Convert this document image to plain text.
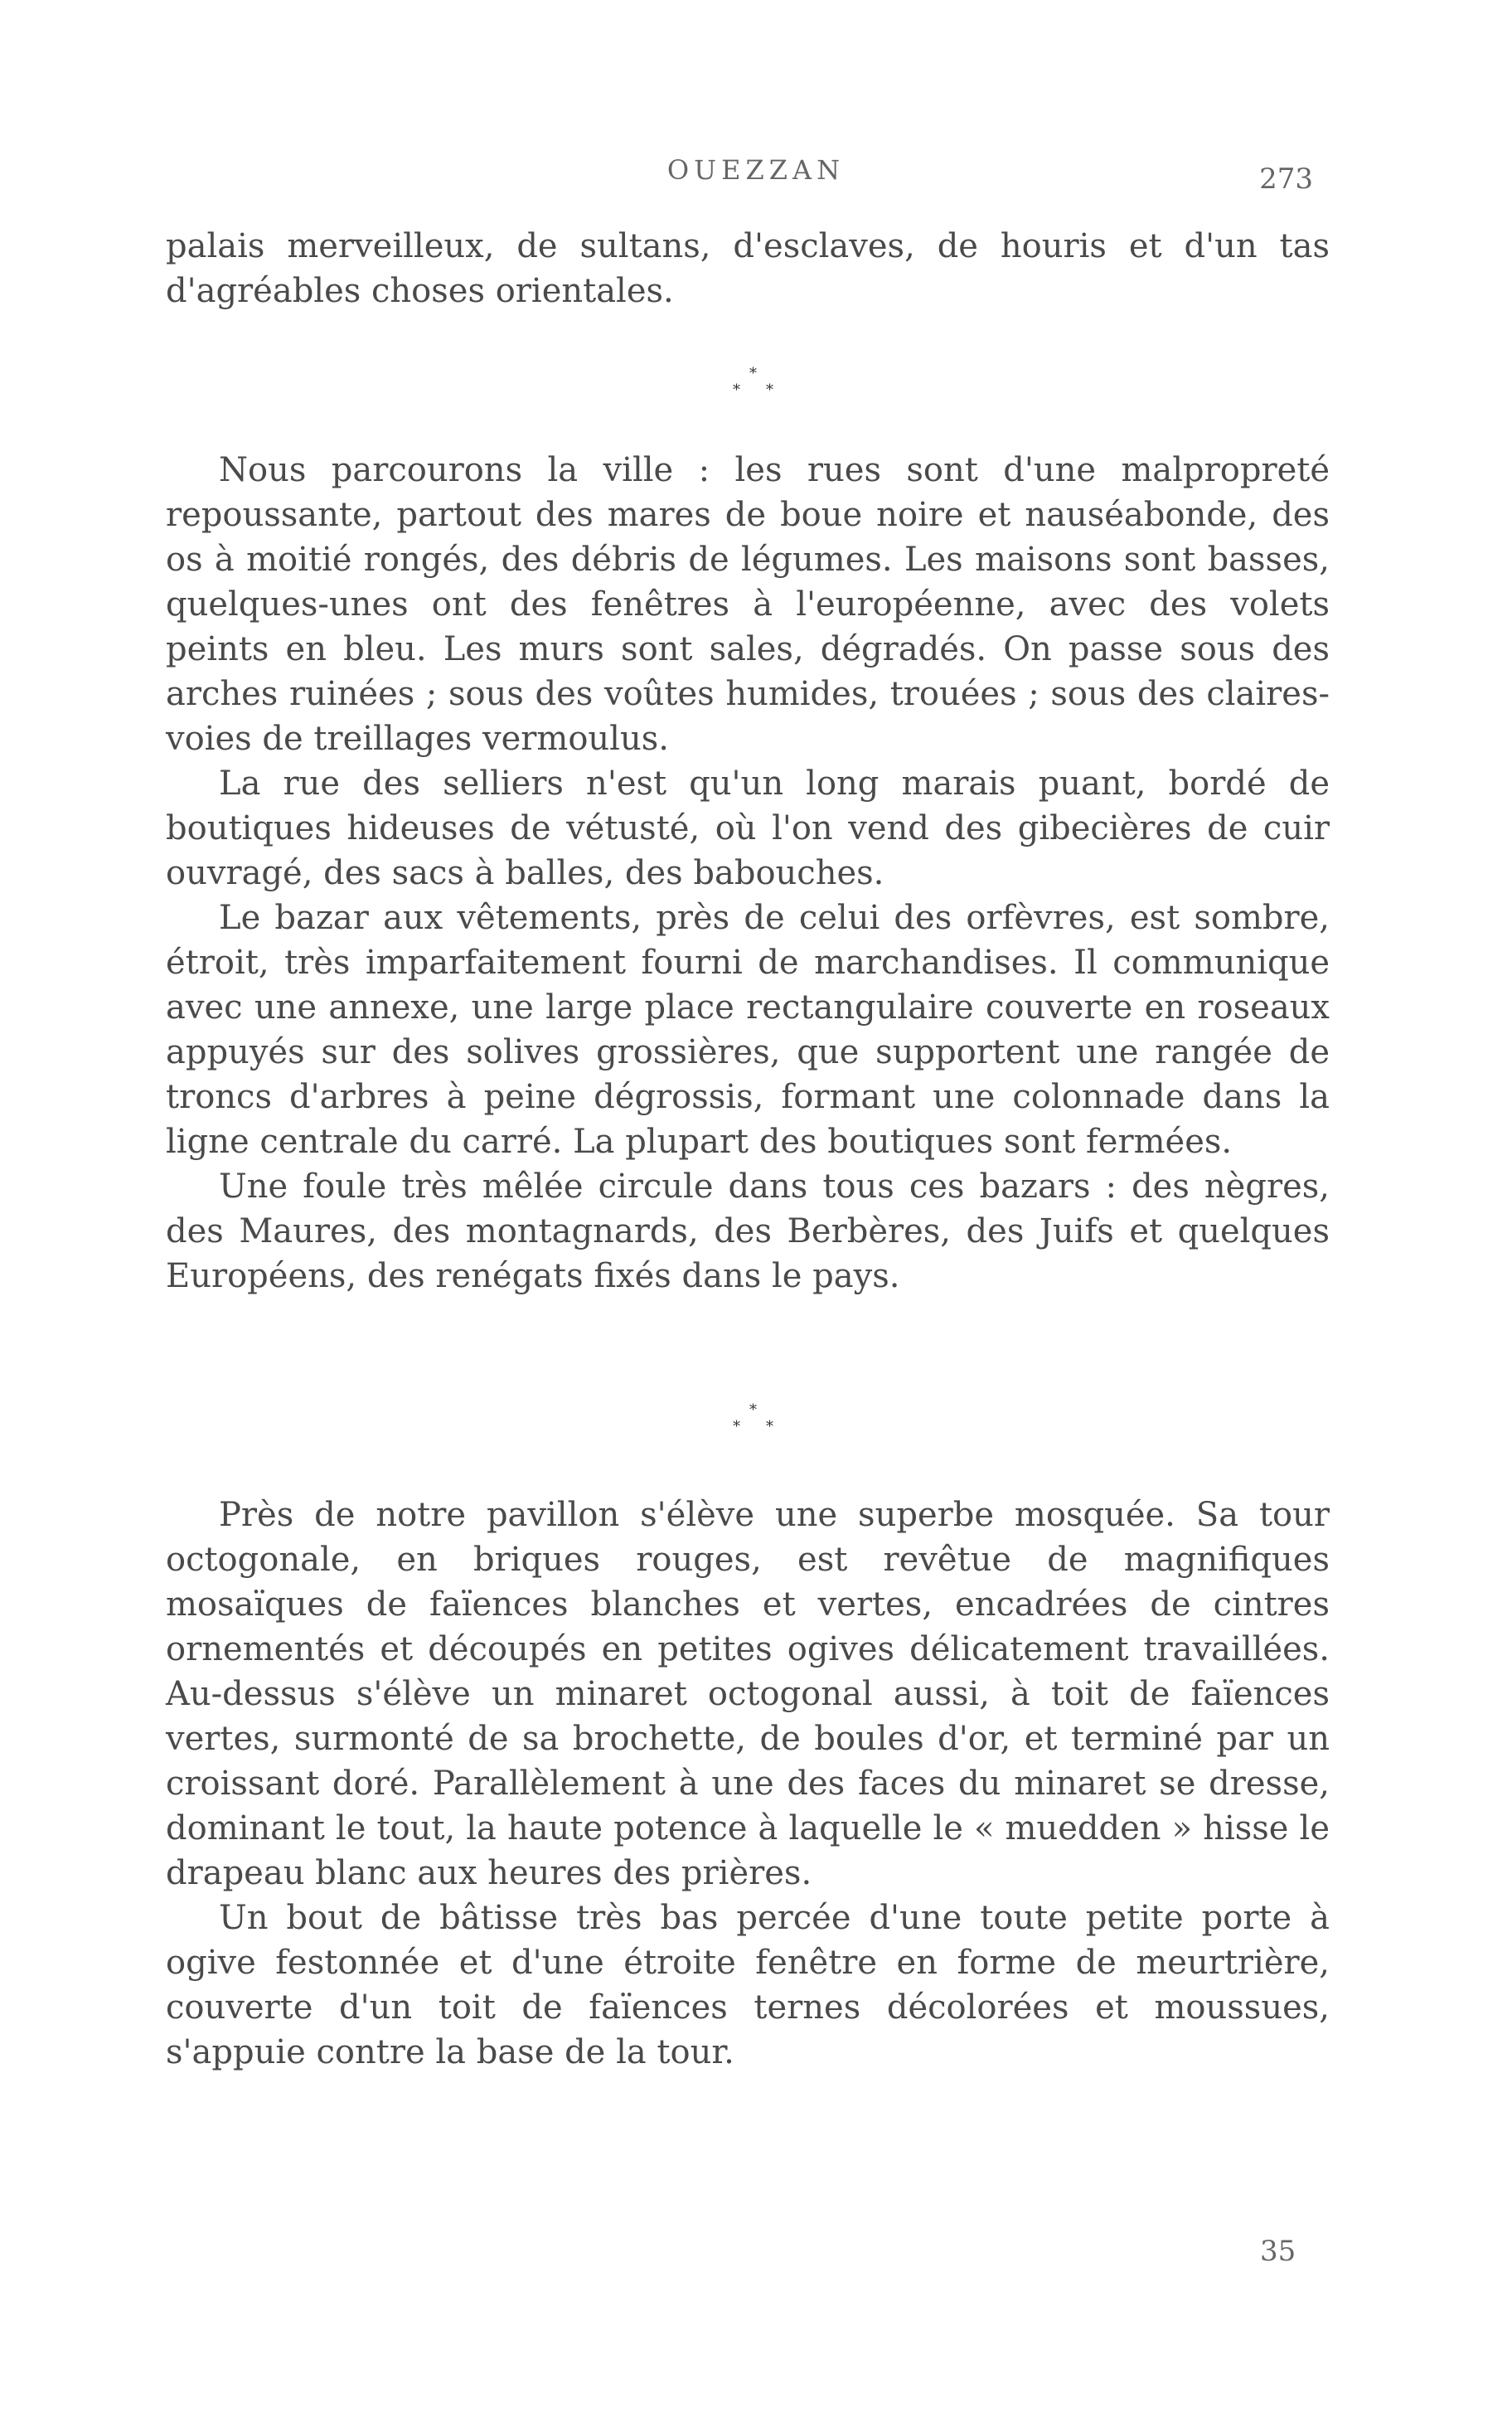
OUEZZAN	273

palais merveilleux, de sultans, d'esclaves, de houris et d'un tas d'agréables choses orientales.

*
* *

Nous parcourons la ville : les rues sont d'une malpropreté repoussante, partout des mares de boue noire et nauséabonde, des os à moitié rongés, des débris de légumes. Les maisons sont basses, quelques-unes ont des fenêtres à l'européenne, avec des volets peints en bleu. Les murs sont sales, dégradés. On passe sous des arches ruinées ; sous des voûtes humides, trouées ; sous des claires-voies de treillages vermoulus.

La rue des selliers n'est qu'un long marais puant, bordé de boutiques hideuses de vétusté, où l'on vend des gibecières de cuir ouvragé, des sacs à balles, des babouches.

Le bazar aux vêtements, près de celui des orfèvres, est sombre, étroit, très imparfaitement fourni de marchandises. Il communique avec une annexe, une large place rectangulaire couverte en roseaux appuyés sur des solives grossières, que supportent une rangée de troncs d'arbres à peine dégrossis, formant une colonnade dans la ligne centrale du carré. La plupart des boutiques sont fermées.

Une foule très mêlée circule dans tous ces bazars : des nègres, des Maures, des montagnards, des Berbères, des Juifs et quelques Européens, des renégats fixés dans le pays.

*
* *

Près de notre pavillon s'élève une superbe mosquée. Sa tour octogonale, en briques rouges, est revêtue de magnifiques mosaïques de faïences blanches et vertes, encadrées de cintres ornementés et découpés en petites ogives délicatement travaillées. Au-dessus s'élève un minaret octogonal aussi, à toit de faïences vertes, surmonté de sa brochette, de boules d'or, et terminé par un croissant doré. Parallèlement à une des faces du minaret se dresse, dominant le tout, la haute potence à laquelle le « muedden » hisse le drapeau blanc aux heures des prières.

Un bout de bâtisse très bas percée d'une toute petite porte à ogive festonnée et d'une étroite fenêtre en forme de meurtrière, couverte d'un toit de faïences ternes décolorées et moussues, s'appuie contre la base de la tour.

35
